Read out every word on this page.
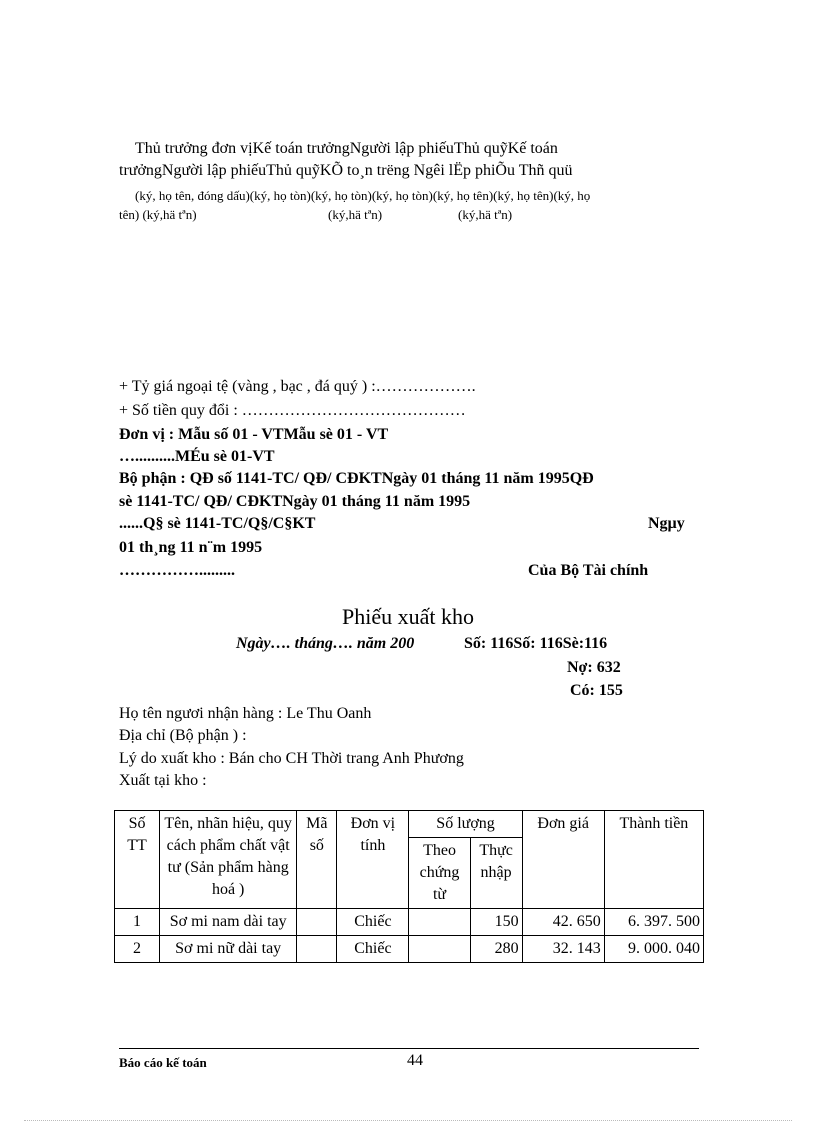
Thủ trưởng đơn vịKế toán trưởngNgười lập phiếuThủ quỹKế toán
trưởngNgười lập phiếuThủ quỹKÕ to¸n trëng Ngêi lËp phiÕu Thñ quü
(ký, họ tên, đóng dấu)(ký, họ tòn)(ký, họ tòn)(ký, họ tòn)(ký, họ tên)(ký, họ tên)(ký, họ
tên) (ký,hä tªn)	(ký,hä tªn)	(ký,hä tªn)
+ Tỷ giá ngoại tệ (vàng , bạc , đá quý ) :……………….
+ Số tiền quy đổi : ……………………………………
Đơn vị : Mẫu số 01 - VTMẫu sè 01 - VT
…..........MÉu sè 01-VT
Bộ phận : QĐ số 1141-TC/ QĐ/ CĐKTNgày 01 tháng 11 năm 1995QĐ
sè 1141-TC/ QĐ/ CĐKTNgày 01 tháng 11 năm 1995
......Q§ sè 1141-TC/Q§/C§KT	Ngµy
01 th¸ng 11 n¨m 1995
…………….........	Của Bộ Tài chính
Phiếu xuất kho
Ngày…. tháng…. năm 200	Số: 116Số: 116Sè:116
Nợ: 632
Có: 155
Họ tên ngươi nhận hàng : Le Thu Oanh
Địa chỉ (Bộ phận ) :
Lý do xuất kho : Bán cho CH Thời trang Anh Phương
Xuất tại kho :
Số TT	Tên, nhãn hiệu, quy cách phẩm chất vật tư (Sản phẩm hàng hoá )	Mã số	Đơn vị tính	Số lượng		Đơn giá	Thành tiền
				Theo chứng từ	Thực nhập		
1	Sơ mi nam dài tay		Chiếc		150	42. 650	6. 397. 500
2	Sơ mi nữ dài tay		Chiếc		280	32. 143	9. 000. 040
Báo cáo kế toán	44
